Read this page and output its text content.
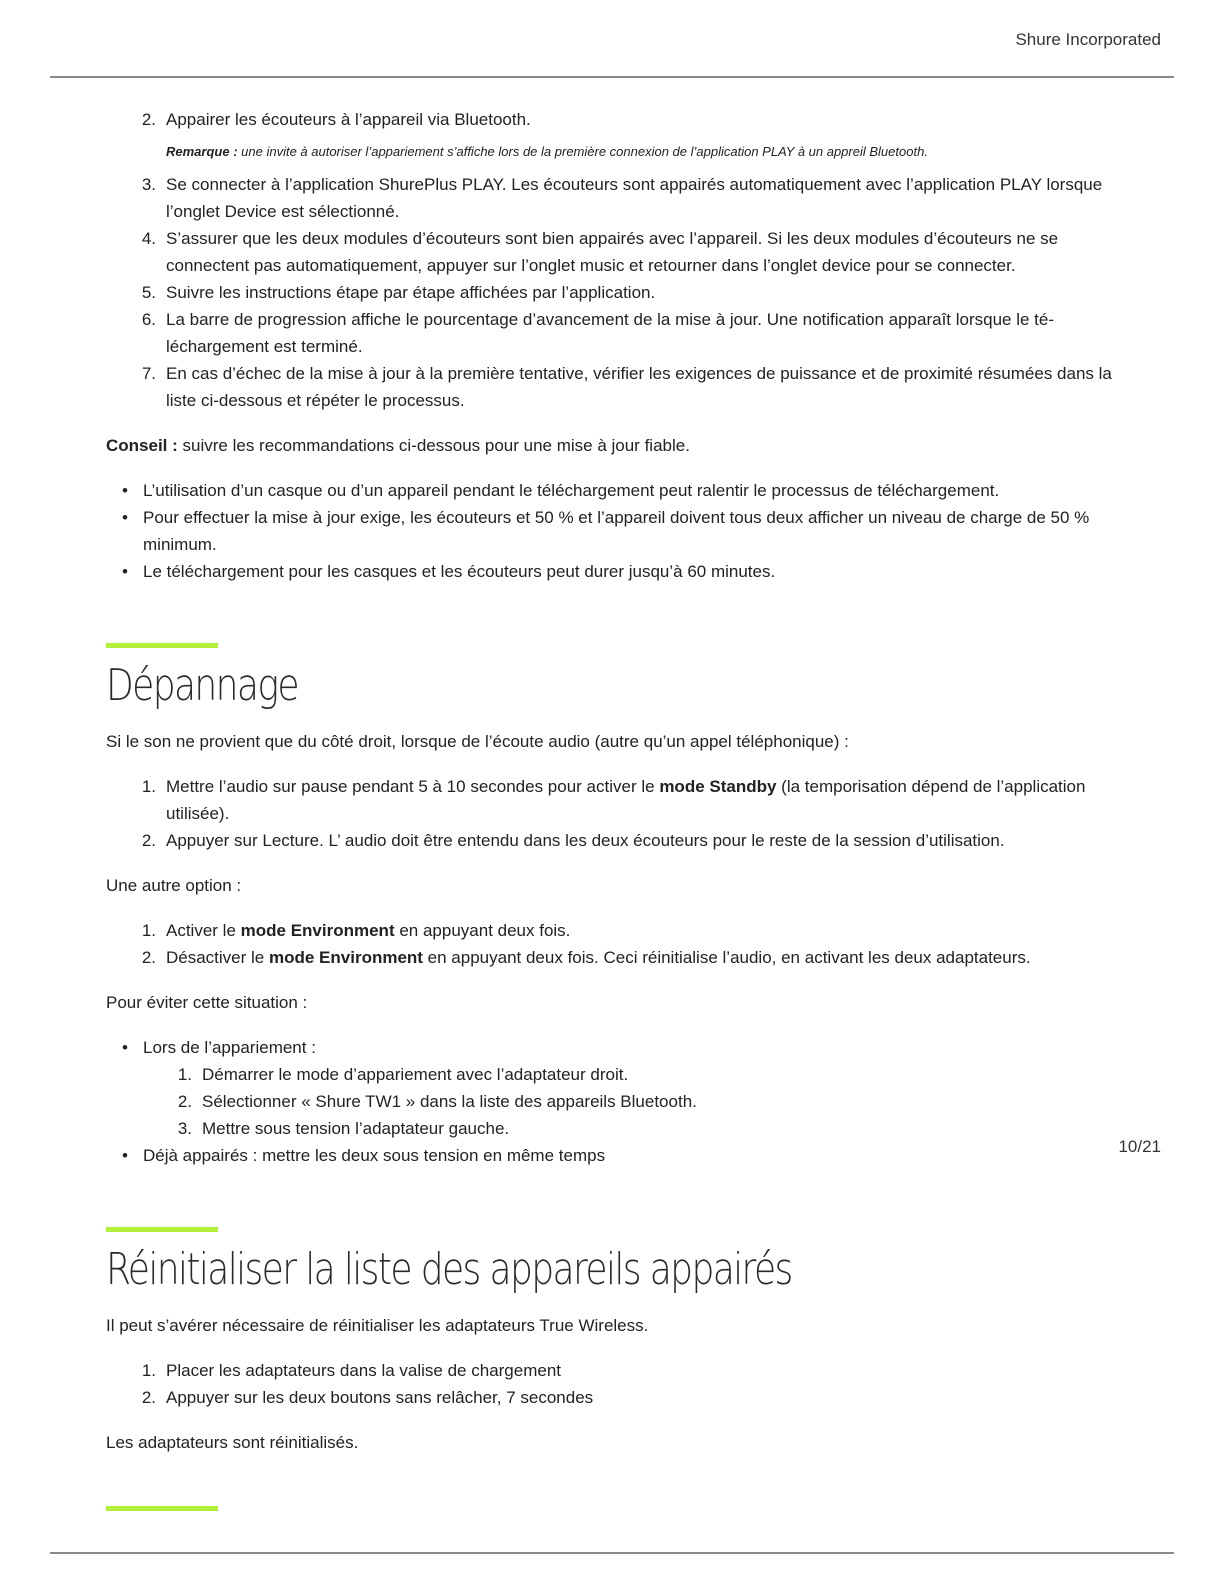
Shure Incorporated
2. Appairer les écouteurs à l’appareil via Bluetooth.

Remarque : une invite à autoriser l’appariement s’affiche lors de la première connexion de l’application PLAY à un appreil Bluetooth.

3. Se connecter à l’application ShurePlus PLAY. Les écouteurs sont appairés automatiquement avec l’application PLAY lorsque l’onglet Device est sélectionné.
4. S’assurer que les deux modules d’écouteurs sont bien appairés avec l’appareil. Si les deux modules d’écouteurs ne se connectent pas automatiquement, appuyer sur l’onglet music et retourner dans l’onglet device pour se connecter.
5. Suivre les instructions étape par étape affichées par l’application.
6. La barre de progression affiche le pourcentage d’avancement de la mise à jour. Une notification apparaît lorsque le téléchargement est terminé.
7. En cas d’échec de la mise à jour à la première tentative, vérifier les exigences de puissance et de proximité résumées dans la liste ci-dessous et répéter le processus.

Conseil : suivre les recommandations ci-dessous pour une mise à jour fiable.

• L’utilisation d’un casque ou d’un appareil pendant le téléchargement peut ralentir le processus de téléchargement.
• Pour effectuer la mise à jour exige, les écouteurs et 50 % et l’appareil doivent tous deux afficher un niveau de charge de 50 % minimum.
• Le téléchargement pour les casques et les écouteurs peut durer jusqu’à 60 minutes.
Dépannage

Si le son ne provient que du côté droit, lorsque de l’écoute audio (autre qu’un appel téléphonique) :

1. Mettre l’audio sur pause pendant 5 à 10 secondes pour activer le mode Standby (la temporisation dépend de l’application utilisée).
2. Appuyer sur Lecture. L’ audio doit être entendu dans les deux écouteurs pour le reste de la session d’utilisation.

Une autre option :

1. Activer le mode Environment en appuyant deux fois.
2. Désactiver le mode Environment en appuyant deux fois. Ceci réinitialise l’audio, en activant les deux adaptateurs.

Pour éviter cette situation :

• Lors de l’appariement :
1. Démarrer le mode d’appariement avec l’adaptateur droit.
2. Sélectionner « Shure TW1 » dans la liste des appareils Bluetooth.
3. Mettre sous tension l’adaptateur gauche.
• Déjà appairés : mettre les deux sous tension en même temps
Réinitialiser la liste des appareils appairés

Il peut s’avérer nécessaire de réinitialiser les adaptateurs True Wireless.

1. Placer les adaptateurs dans la valise de chargement
2. Appuyer sur les deux boutons sans relâcher, 7 secondes

Les adaptateurs sont réinitialisés.

10/21
